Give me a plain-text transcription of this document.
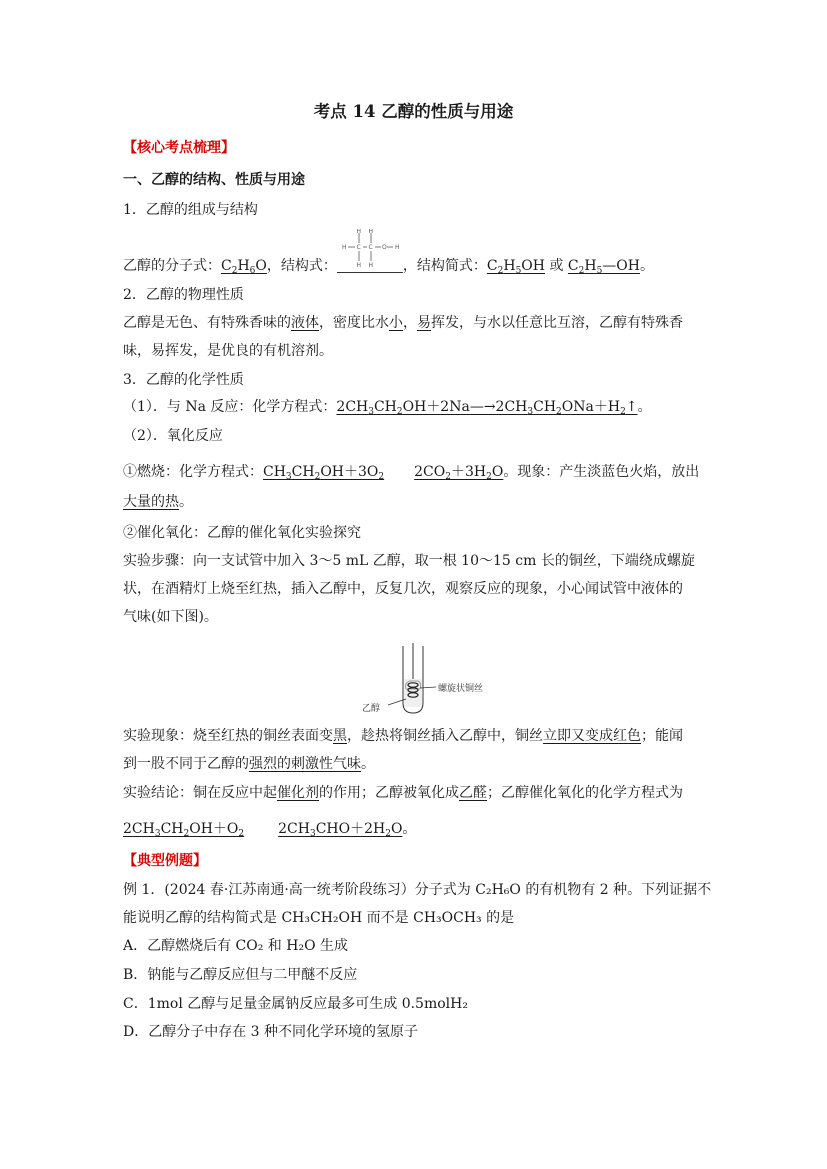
考点 14 乙醇的性质与用途
【核心考点梳理】
一、乙醇的结构、性质与用途
1．乙醇的组成与结构
H H
H C C O H
H H
乙醇的分子式：$C_2H_6O$，结构式：	，结构简式：$C_2H_5OH$ 或 $C_2H_5—OH$。
2．乙醇的物理性质
乙醇是无色、有特殊香味的液体，密度比水小，易挥发，与水以任意比互溶，乙醇有特殊香
味，易挥发，是优良的有机溶剂。
3．乙醇的化学性质
（1）．与 Na 反应：化学方程式：$2CH_3CH_2OH+2Na—\to 2CH_3CH_2ONa+H_2↑$。
（2）．氧化反应
①燃烧：化学方程式：$CH_3CH_2OH+3O_2$ $2CO_2+3H_2O$。现象：产生淡蓝色火焰，放出
大量的热。
②催化氧化：乙醇的催化氧化实验探究
实验步骤：向一支试管中加入 3～5 mL 乙醇，取一根 10～15 cm 长的铜丝，下端绕成螺旋
状，在酒精灯上烧至红热，插入乙醇中，反复几次，观察反应的现象，小心闻试管中液体的
气味(如下图)。
乙醇
螺旋状铜丝
实验现象：烧至红热的铜丝表面变黑，趁热将铜丝插入乙醇中，铜丝立即又变成红色；能闻
到一股不同于乙醇的强烈的刺激性气味。
实验结论：铜在反应中起催化剂的作用；乙醇被氧化成乙醛；乙醇催化氧化的化学方程式为
$2CH_3CH_2OH+O_2$ $2CH_3CHO+2H_2O$。
【典型例题】
例 1．(2024 春·江苏南通·高一统考阶段练习）分子式为 C₂H₆O 的有机物有 2 种。下列证据不
能说明乙醇的结构简式是 CH₃CH₂OH 而不是 CH₃OCH₃ 的是
A．乙醇燃烧后有 CO₂ 和 H₂O 生成
B．钠能与乙醇反应但与二甲醚不反应
C．1mol 乙醇与足量金属钠反应最多可生成 0.5molH₂
D．乙醇分子中存在 3 种不同化学环境的氢原子
